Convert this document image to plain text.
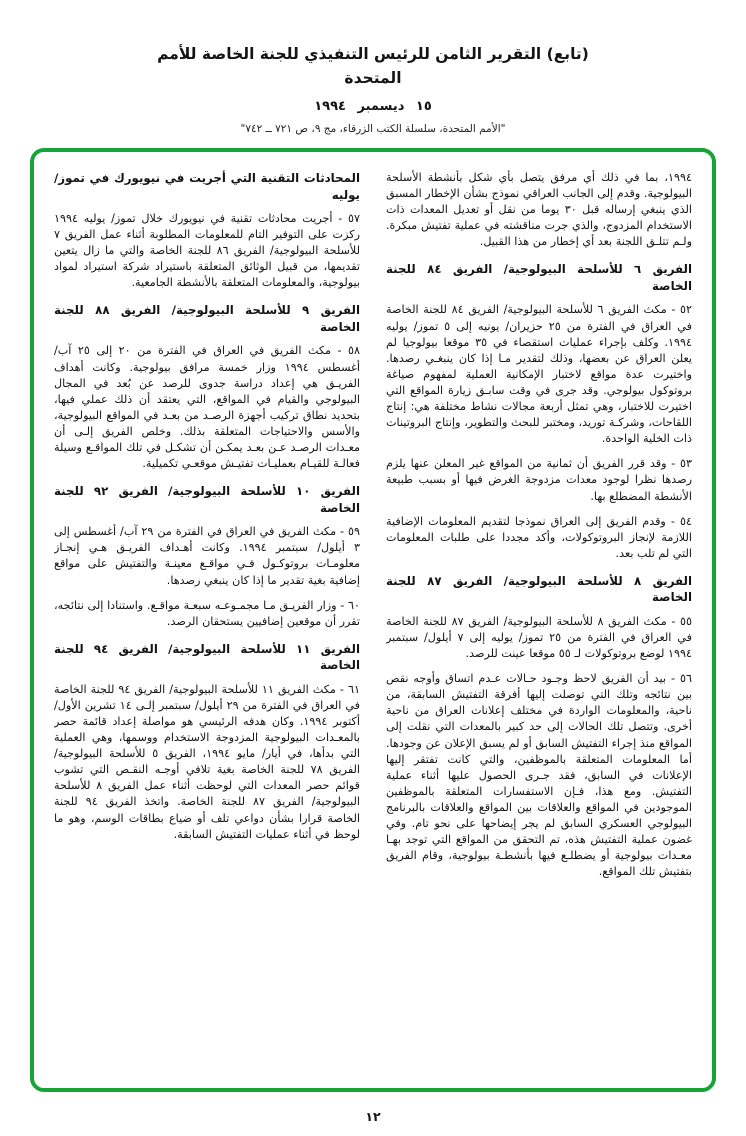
(تابع) التقرير الثامن للرئيس التنفيذي للجنة الخاصة للأمم
المتحدة
١٥ ديسمبر ١٩٩٤
"الأمم المتحدة، سلسلة الكتب الزرقاء، مج ٩، ص ٧٢١ ــ ٧٤٢"

١٩٩٤، بما في ذلك أي مرفق يتصل بأي شكل بأنشطة الأسلحة البيولوجية. وقدم إلى الجانب العراقي نموذج بشأن الإخطار المسبق الذي ينبغي إرساله قبل ٣٠ يوما من نقل أو تعديل المعدات ذات الاستخدام المزدوج، والذي جرت مناقشته في عملية تفتيش مبكرة. ولـم تتلـق اللجنة بعد أي إخطار من هذا القبيل.

الفريق ٦ للأسلحة البيولوجية/ الفريق ٨٤ للجنة الخاصة

٥٢ - مكث الفريق ٦ للأسلحة البيولوجية/ الفريق ٨٤ للجنة الخاصة في العراق في الفترة من ٢٥ حزيران/ يونيه إلى ٥ تموز/ يوليه ١٩٩٤. وكلف بإجراء عمليات استقصاء في ٣٥ موقعا بيولوجيا لم يعلن العراق عن بعضها، وذلك لتقدير مـا إذا كان ينبغـي رصدها. واختيرت عدة مواقع لاختبار الإمكانية العملية لمفهوم صياغة بروتوكول بيولوجي. وقد جرى في وقت سابـق زيارة المواقع التي اختيرت للاختبار، وهي تمثل أربعة مجالات نشاط مختلفة هي: إنتاج اللقاحات، وشركـة توريد، ومختبر للبحث والتطوير، وإنتاج البروتينات ذات الخلية الواحدة.

٥٣ - وقد قرر الفريق أن ثمانية من المواقع غير المعلن عنها يلزم رصدها نظرا لوجود معدات مزدوجة الغرض فيها أو بسبب طبيعة الأنشطة المضطلع بها.

٥٤ - وقدم الفريق إلى العراق نموذجا لتقديم المعلومات الإضافية اللازمة لإنجاز البروتوكولات، وأكد مجددا على طلبات المعلومات التي لم تلب بعد.

الفريق ٨ للأسلحة البيولوجية/ الفريق ٨٧ للجنة الخاصة

٥٥ - مكث الفريق ٨ للأسلحة البيولوجية/ الفريق ٨٧ للجنة الخاصة في العراق في الفترة من ٢٥ تموز/ يوليه إلى ٧ أيلول/ سبتمبر ١٩٩٤ لوضع بروتوكولات لـ ٥٥ موقعا عينت للرصد.

٥٦ - بيد أن الفريق لاحظ وجـود حـالات عـدم اتساق وأوجه نقص بين نتائجه وتلك التي توصلت إليها أفرقة التفتيش السابقة، من ناحية، والمعلومات الواردة في مختلف إعلانات العراق من ناحية أخرى. وتتصل تلك الحالات إلى حد كبير بالمعدات التي نقلت إلى المواقع منذ إجراء التفتيش السابق أو لم يسبق الإعلان عن وجودها. أما المعلومات المتعلقة بالموظفين، والتي كانت تفتقر إليها الإعلانات في السابق، فقد جـرى الحصول عليها أثناء عملية التفتيش. ومع هذا، فـإن الاستفسارات المتعلقة بالموظفين الموجودين في المواقع والعلاقات بين المواقع والعلاقات بالبرنامج البيولوجي العسكري السابق لم يجر إيضاحها على نحو تام. وفي غضون عملية التفتيش هذه، تم التحقق من المواقع التي توجد بهـا معـدات بيولوجية أو يضطلـع فيها بأنشطـة بيولوجية، وقام الفريق بتفتيش تلك المواقع.

المحادثات التقنية التي أجريت في نيويورك في تموز/ يوليه

٥٧ - أجريت محادثات تقنية في نيويورك خلال تموز/ يوليه ١٩٩٤ ركزت على التوفير التام للمعلومات المطلوبة أثناء عمل الفريق ٧ للأسلحة البيولوجية/ الفريق ٨٦ للجنة الخاصة والتي ما زال يتعين تقديمها، من قبيل الوثائق المتعلقة باستيراد شركة استيراد لمواد بيولوجية، والمعلومات المتعلقة بالأنشطة الجامعية.

الفريق ٩ للأسلحة البيولوجية/ الفريق ٨٨ للجنة الخاصة

٥٨ - مكث الفريق في العراق في الفترة من ٢٠ إلى ٢٥ آب/ أغسطس ١٩٩٤ وزار خمسة مرافق بيولوجية. وكانت أهداف الفريـق هي إعداد دراسة جدوى للرصد عن بُعد في المجال البيولوجي والقيام في المواقع، التي يعتقد أن ذلك عملي فيها، بتحديد نطاق تركيب أجهزة الرصـد من بعـد في المواقع البيولوجية، والأسس والاحتياجات المتعلقة بذلك. وخلص الفريق إلـى أن معـدات الرصـد عـن بعـد يمكـن أن تشكـل في تلك المواقـع وسيلة فعالـة للقيـام بعمليـات تفتيـش موقعـي تكميلية.

الفريق ١٠ للأسلحة البيولوجية/ الفريق ٩٢ للجنة الخاصة

٥٩ - مكث الفريق في العراق في الفترة من ٢٩ آب/ أغسطس إلى ٣ أيلول/ سبتمبر ١٩٩٤. وكانت أهـداف الفريـق هـي إنجـاز معلومـات بروتوكـول فـي مواقـع معينـة والتفتيش على مواقع إضافية بغية تقدير ما إذا كان ينبغي رصدها.

٦٠ - وزار الفريـق مـا مجمـوعـه سبعـة مواقـع. واستنادا إلى نتائجه، تقرر أن موقعين إضافيين يستحقان الرصد.

الفريق ١١ للأسلحة البيولوجية/ الفريق ٩٤ للجنة الخاصة

٦١ - مكث الفريق ١١ للأسلحة البيولوجية/ الفريق ٩٤ للجنة الخاصة في العراق في الفترة من ٢٩ أيلول/ سبتمبر إلـى ١٤ تشرين الأول/ أكتوبر ١٩٩٤. وكان هدفه الرئيسي هو مواصلة إعداد قائمة حصر بالمعـدات البيولوجية المزدوجة الاستخدام ووسمها، وهي العملية التي بدأها، في أيار/ مايو ١٩٩٤، الفريق ٥ للأسلحة البيولوجية/ الفريق ٧٨ للجنة الخاصة بغية تلافي أوجـه النقـص التي تشوب قوائم حصر المعدات التي لوحظت أثناء عمل الفريق ٨ للأسلحة البيولوجية/ الفريق ٨٧ للجنة الخاصة. واتخذ الفريق ٩٤ للجنة الخاصة قرارا بشأن دواعي تلف أو ضياع بطاقات الوسم، وهو ما لوحظ في أثناء عمليات التفتيش السابقة.

١٢
